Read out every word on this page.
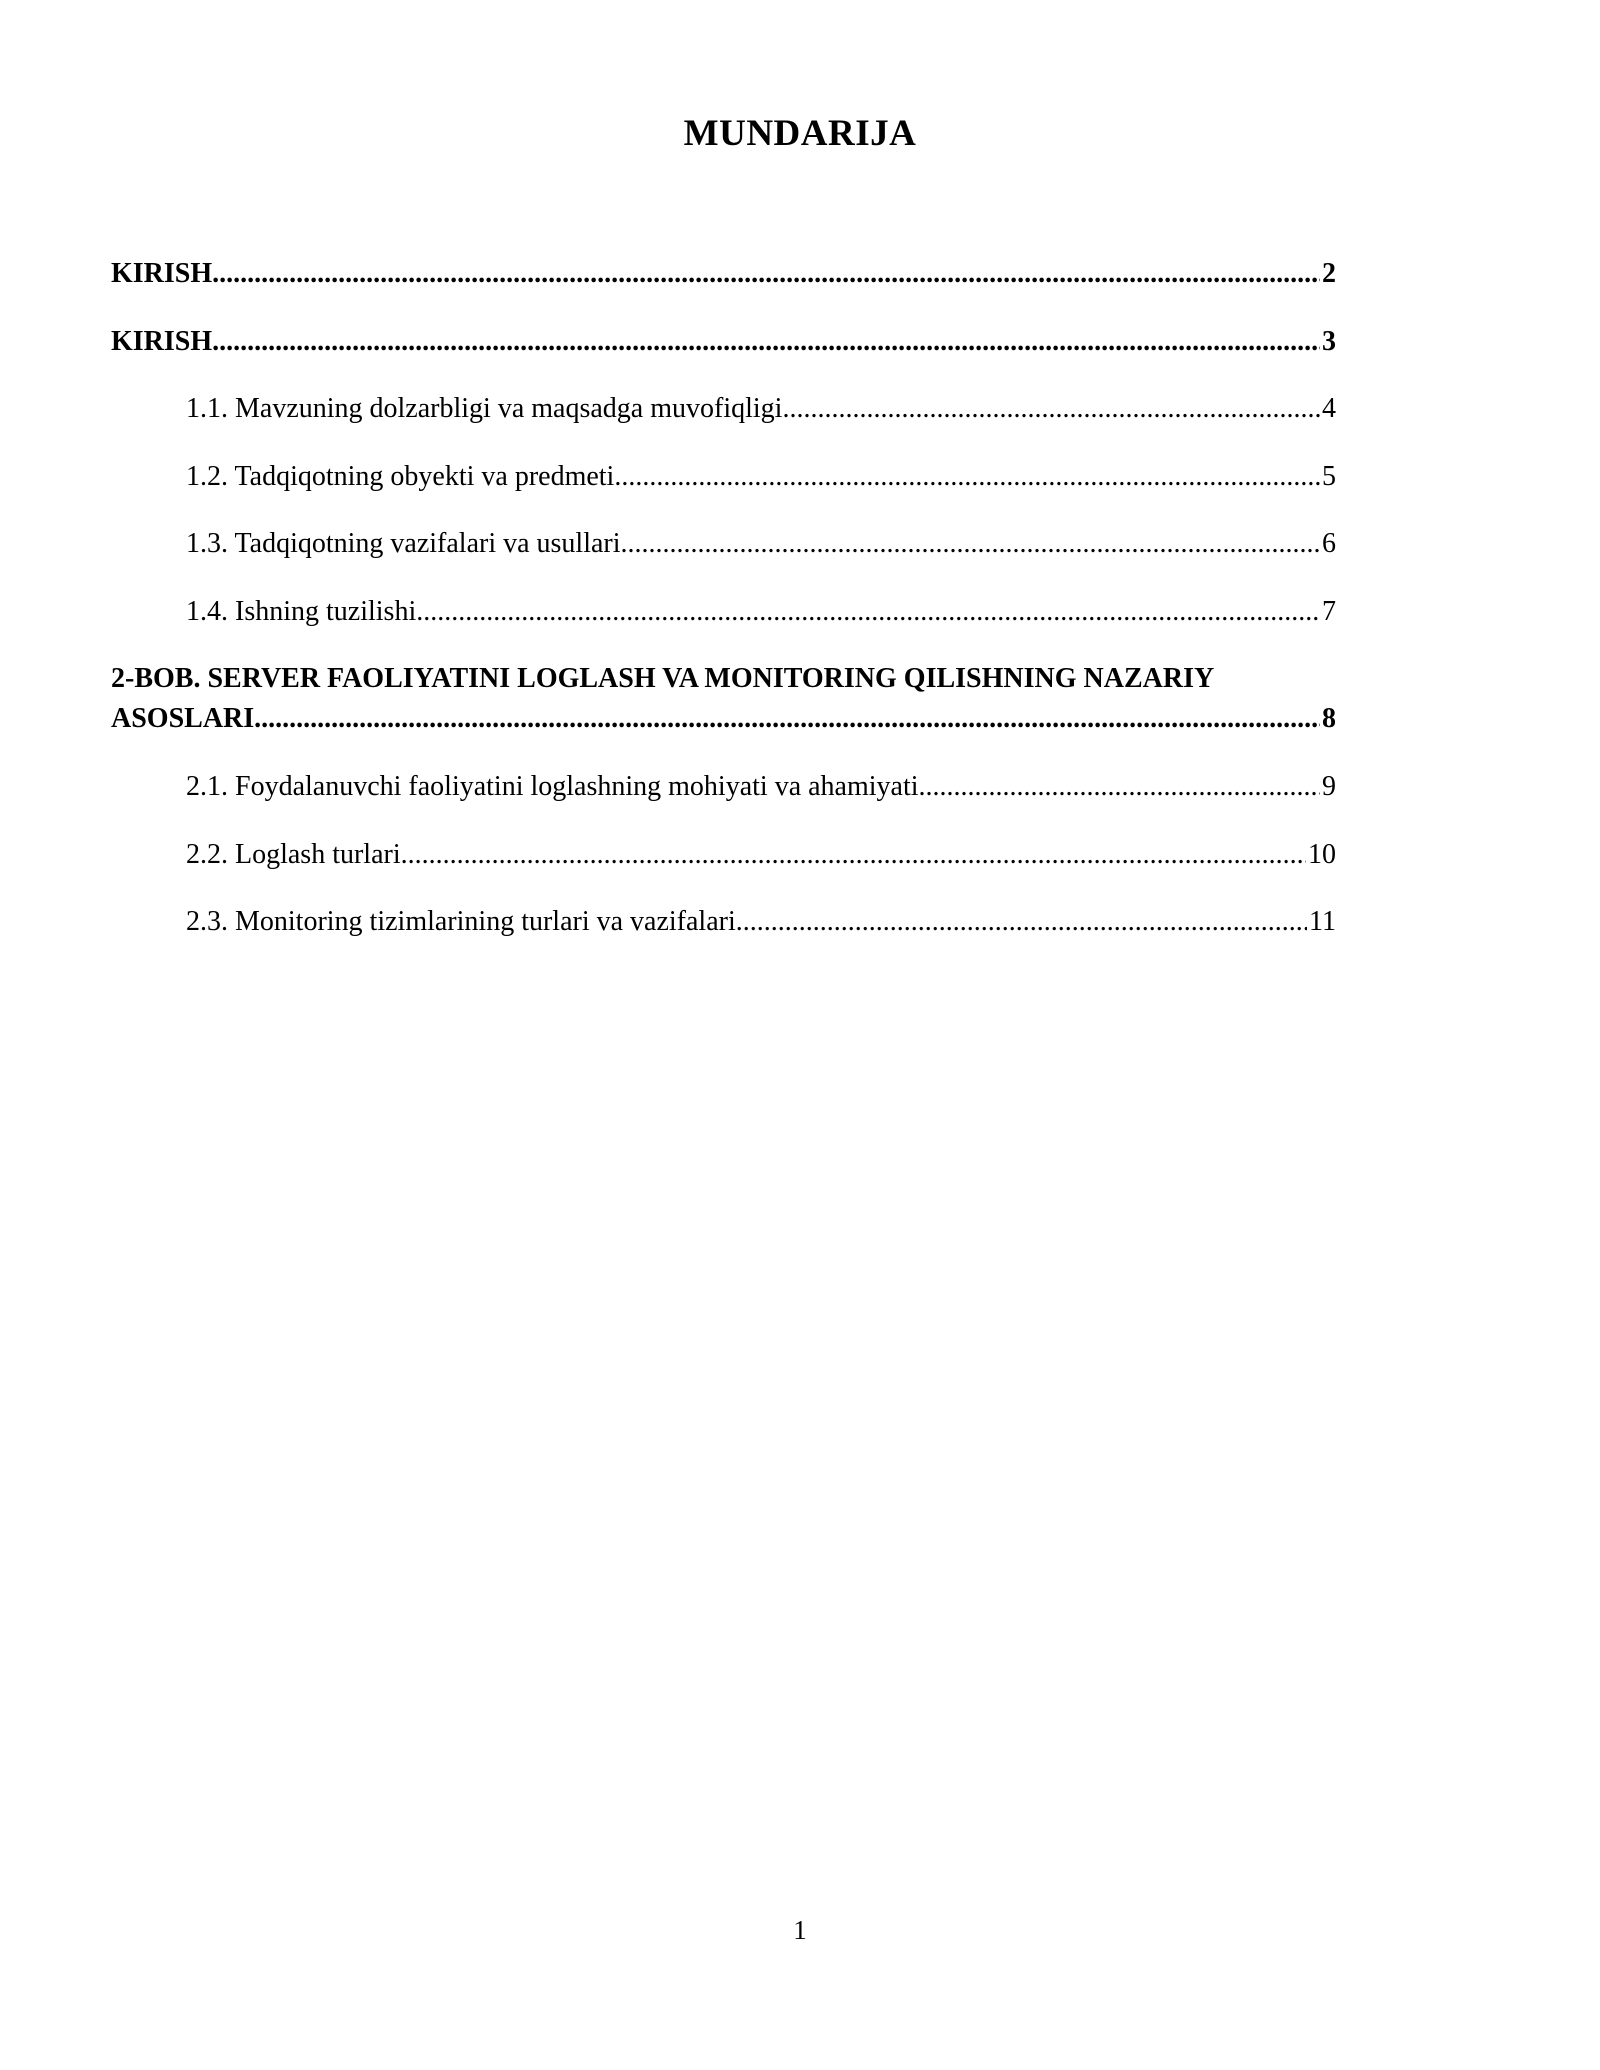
MUNDARIJA
KIRISH .....	2
KIRISH .....	3
1.1. Mavzuning dolzarbligi va maqsadga muvofiqligi .....	4
1.2. Tadqiqotning obyekti va predmeti .....	5
1.3. Tadqiqotning vazifalari va usullari .....	6
1.4. Ishning tuzilishi .....	7
2-BOB. SERVER FAOLIYATINI LOGLASH VA MONITORING QILISHNING NAZARIY
ASOSLARI .....	8
2.1. Foydalanuvchi faoliyatini loglashning mohiyati va ahamiyati .....	9
2.2. Loglash turlari .....	10
2.3. Monitoring tizimlarining turlari va vazifalari .....	11
1
